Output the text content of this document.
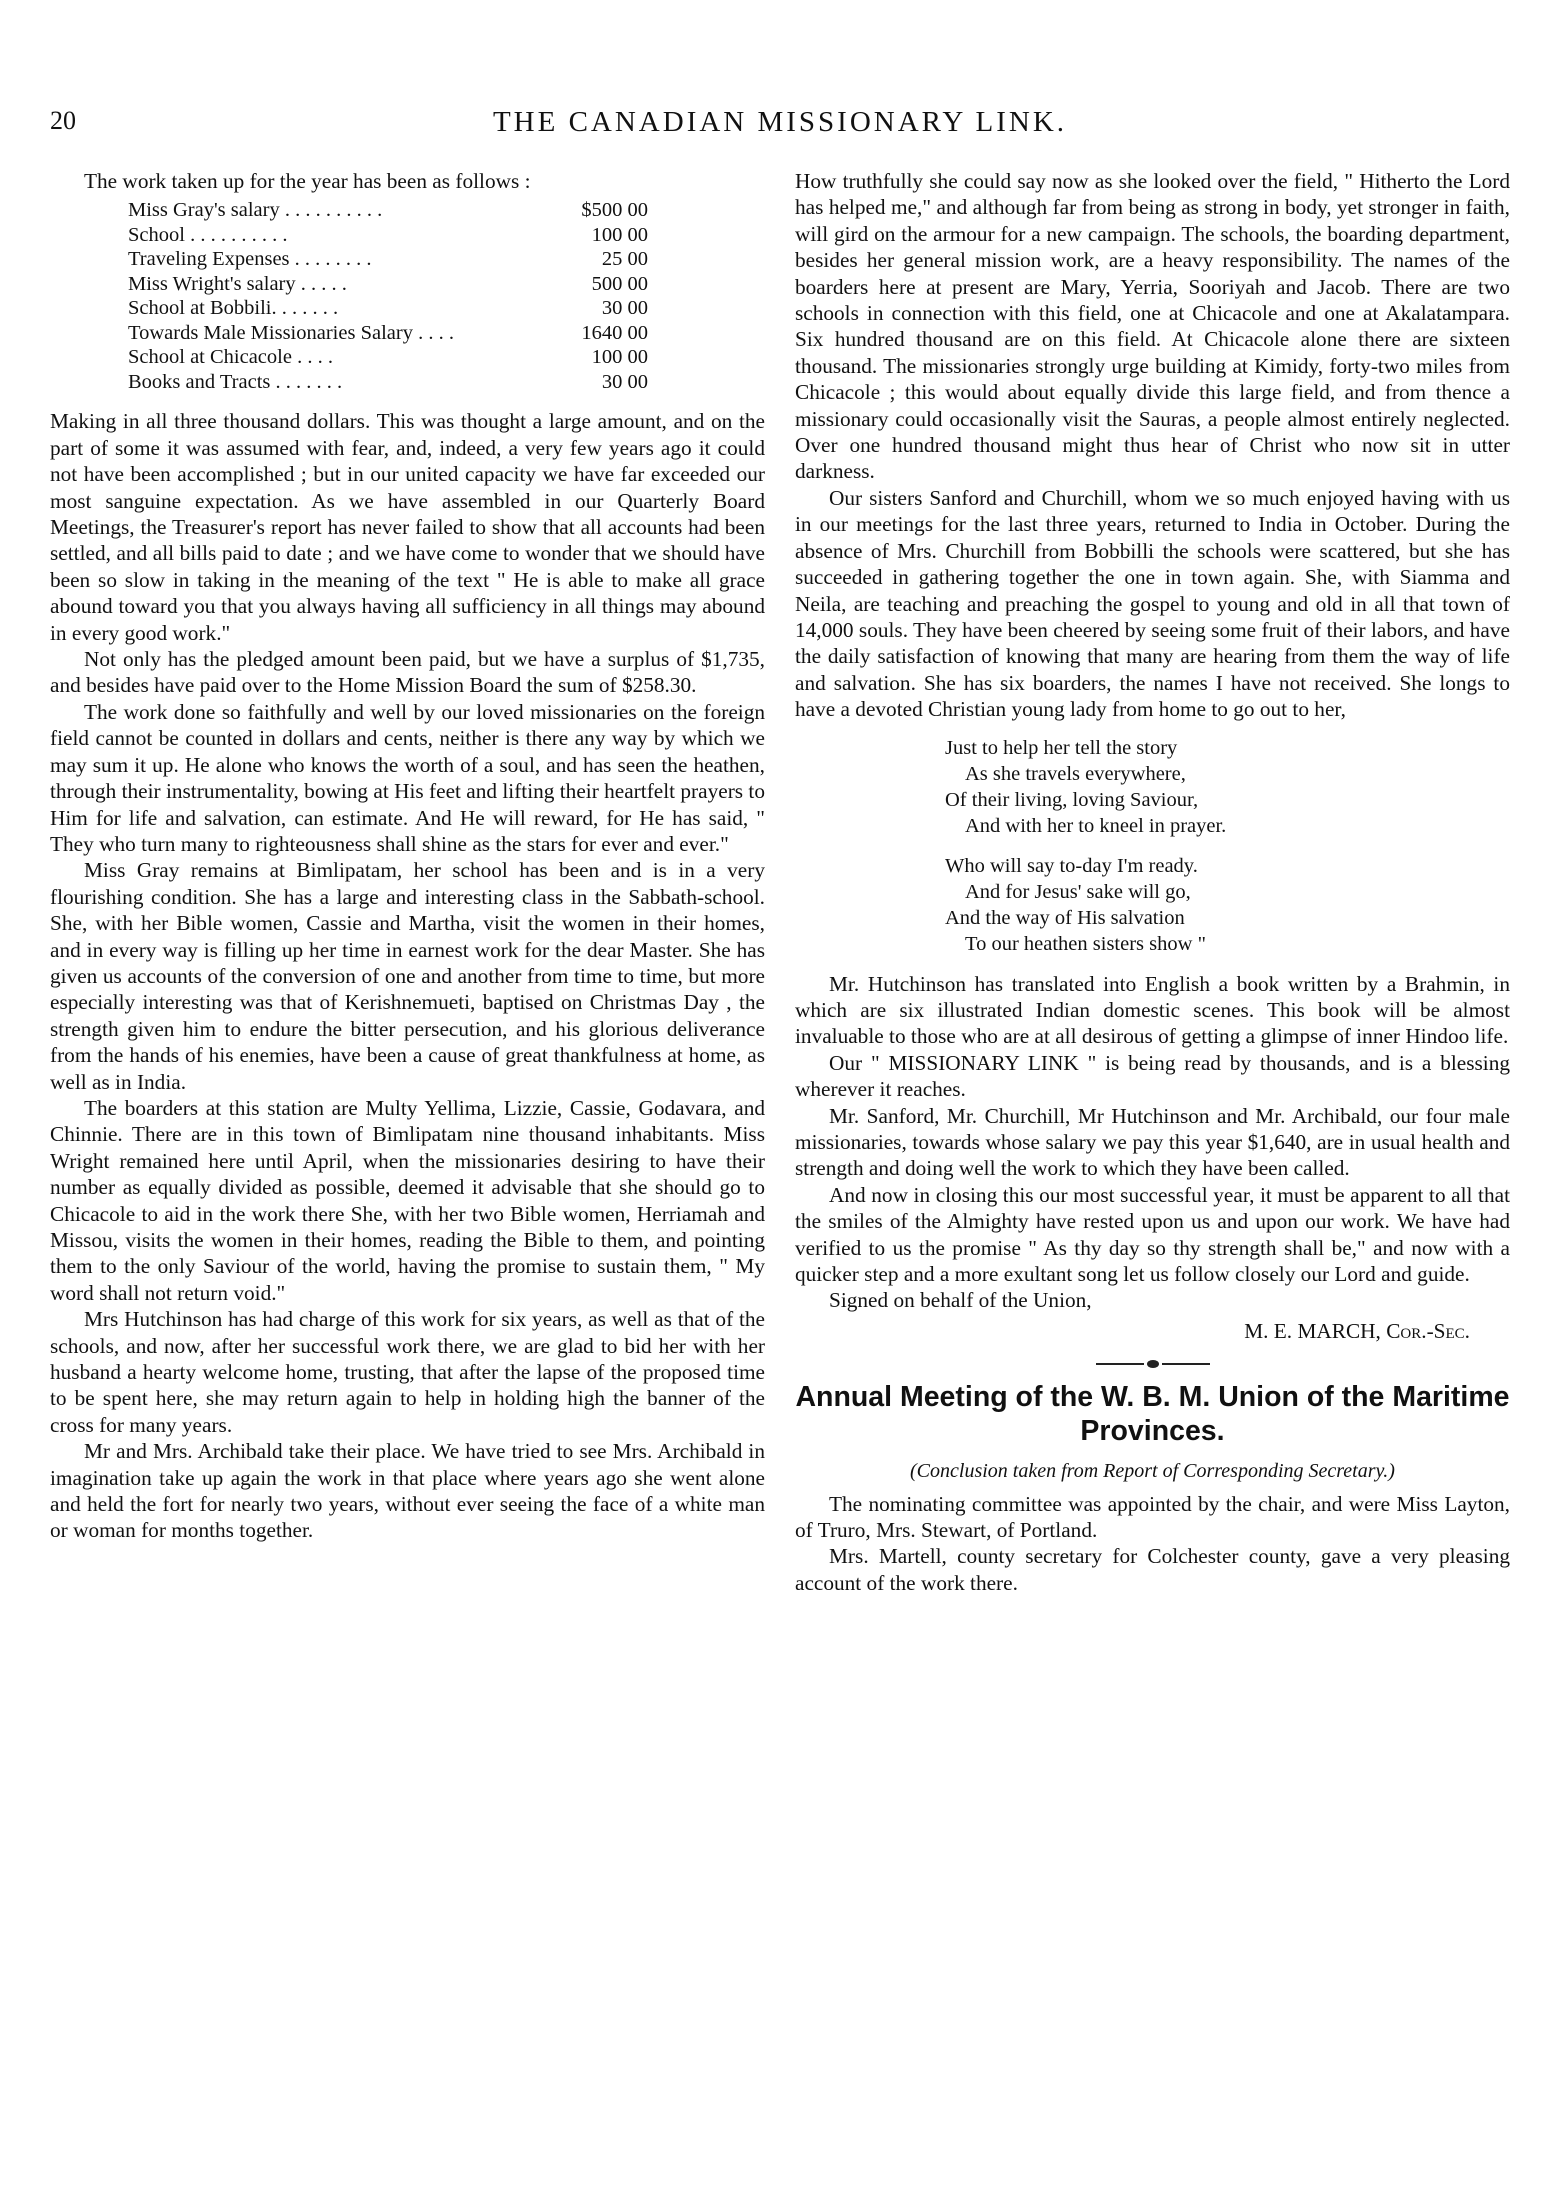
20	THE CANADIAN MISSIONARY LINK.

The work taken up for the year has been as follows :

Miss Gray's salary . . . . . . . . . .	$500 00
School . . . . . . . . . .	100 00
Traveling Expenses . . . . . . . .	25 00
Miss Wright's salary . . . . .	500 00
School at Bobbili. . . . . . .	30 00
Towards Male Missionaries Salary . . . .	1640 00
School at Chicacole . . . .	100 00
Books and Tracts . . . . . . .	30 00

Making in all three thousand dollars. This was thought a large amount, and on the part of some it was assumed with fear, and, indeed, a very few years ago it could not have been accomplished ; but in our united capacity we have far exceeded our most sanguine expectation. As we have assembled in our Quarterly Board Meetings, the Treasurer's report has never failed to show that all accounts had been settled, and all bills paid to date ; and we have come to wonder that we should have been so slow in taking in the meaning of the text " He is able to make all grace abound toward you that you always having all sufficiency in all things may abound in every good work."

Not only has the pledged amount been paid, but we have a surplus of $1,735, and besides have paid over to the Home Mission Board the sum of $258.30.

The work done so faithfully and well by our loved missionaries on the foreign field cannot be counted in dollars and cents, neither is there any way by which we may sum it up. He alone who knows the worth of a soul, and has seen the heathen, through their instrumentality, bowing at His feet and lifting their heartfelt prayers to Him for life and salvation, can estimate. And He will reward, for He has said, " They who turn many to righteousness shall shine as the stars for ever and ever."

Miss Gray remains at Bimlipatam, her school has been and is in a very flourishing condition. She has a large and interesting class in the Sabbath-school. She, with her Bible women, Cassie and Martha, visit the women in their homes, and in every way is filling up her time in earnest work for the dear Master. She has given us accounts of the conversion of one and another from time to time, but more especially interesting was that of Kerishnemueti, baptised on Christmas Day , the strength given him to endure the bitter persecution, and his glorious deliverance from the hands of his enemies, have been a cause of great thankfulness at home, as well as in India.

The boarders at this station are Multy Yellima, Lizzie, Cassie, Godavara, and Chinnie. There are in this town of Bimlipatam nine thousand inhabitants. Miss Wright remained here until April, when the missionaries desiring to have their number as equally divided as possible, deemed it advisable that she should go to Chicacole to aid in the work there She, with her two Bible women, Herriamah and Missou, visits the women in their homes, reading the Bible to them, and pointing them to the only Saviour of the world, having the promise to sustain them, " My word shall not return void."

Mrs Hutchinson has had charge of this work for six years, as well as that of the schools, and now, after her successful work there, we are glad to bid her with her husband a hearty welcome home, trusting, that after the lapse of the proposed time to be spent here, she may return again to help in holding high the banner of the cross for many years.

Mr and Mrs. Archibald take their place. We have tried to see Mrs. Archibald in imagination take up again the work in that place where years ago she went alone and held the fort for nearly two years, without ever seeing the face of a white man or woman for months together.

How truthfully she could say now as she looked over the field, " Hitherto the Lord has helped me," and although far from being as strong in body, yet stronger in faith, will gird on the armour for a new campaign. The schools, the boarding department, besides her general mission work, are a heavy responsibility. The names of the boarders here at present are Mary, Yerria, Sooriyah and Jacob. There are two schools in connection with this field, one at Chicacole and one at Akalatampara. Six hundred thousand are on this field. At Chicacole alone there are sixteen thousand. The missionaries strongly urge building at Kimidy, forty-two miles from Chicacole ; this would about equally divide this large field, and from thence a missionary could occasionally visit the Sauras, a people almost entirely neglected. Over one hundred thousand might thus hear of Christ who now sit in utter darkness.

Our sisters Sanford and Churchill, whom we so much enjoyed having with us in our meetings for the last three years, returned to India in October. During the absence of Mrs. Churchill from Bobbilli the schools were scattered, but she has succeeded in gathering together the one in town again. She, with Siamma and Neila, are teaching and preaching the gospel to young and old in all that town of 14,000 souls. They have been cheered by seeing some fruit of their labors, and have the daily satisfaction of knowing that many are hearing from them the way of life and salvation. She has six boarders, the names I have not received. She longs to have a devoted Christian young lady from home to go out to her,

Just to help her tell the story
As she travels everywhere,
Of their living, loving Saviour,
And with her to kneel in prayer.
Who will say to-day I'm ready.
And for Jesus' sake will go,
And the way of His salvation
To our heathen sisters show "

Mr. Hutchinson has translated into English a book written by a Brahmin, in which are six illustrated Indian domestic scenes. This book will be almost invaluable to those who are at all desirous of getting a glimpse of inner Hindoo life.

Our " MISSIONARY LINK " is being read by thousands, and is a blessing wherever it reaches.

Mr. Sanford, Mr. Churchill, Mr Hutchinson and Mr. Archibald, our four male missionaries, towards whose salary we pay this year $1,640, are in usual health and strength and doing well the work to which they have been called.

And now in closing this our most successful year, it must be apparent to all that the smiles of the Almighty have rested upon us and upon our work. We have had verified to us the promise " As thy day so thy strength shall be," and now with a quicker step and a more exultant song let us follow closely our Lord and guide.

Signed on behalf of the Union,

M. E. MARCH, Cor.-Sec.
Annual Meeting of the W. B. M. Union of the Maritime Provinces.
(Conclusion taken from Report of Corresponding Secretary.)

The nominating committee was appointed by the chair, and were Miss Layton, of Truro, Mrs. Stewart, of Portland.

Mrs. Martell, county secretary for Colchester county, gave a very pleasing account of the work there.
